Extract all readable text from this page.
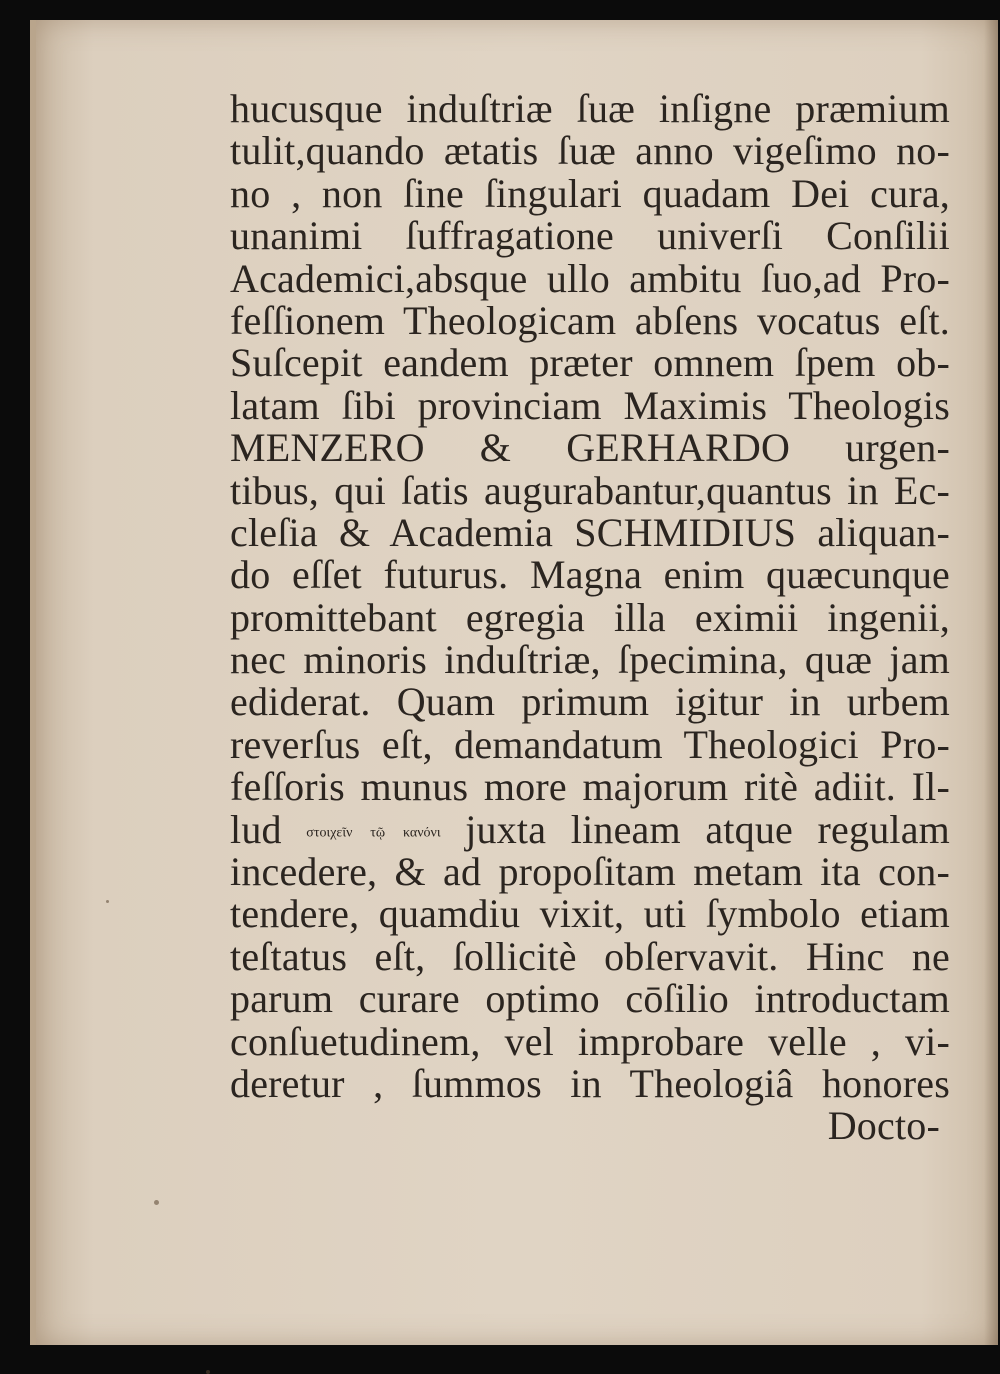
hucusque induſtriæ ſuæ inſigne præmium
tulit,quando ætatis ſuæ anno vigeſimo no-
no , non ſine ſingulari quadam Dei cura,
unanimi ſuffragatione univerſi Conſilii
Academici,absque ullo ambitu ſuo,ad Pro-
feſſionem Theologicam abſens vocatus eſt.
Suſcepit eandem præter omnem ſpem ob-
latam ſibi provinciam Maximis Theologis
MENZERO & GERHARDO urgen-
tibus, qui ſatis augurabantur,quantus in Ec-
cleſia & Academia SCHMIDIUS aliquan-
do eſſet futurus. Magna enim quæcunque
promittebant egregia illa eximii ingenii,
nec minoris induſtriæ, ſpecimina, quæ jam
ediderat. Quam primum igitur in urbem
reverſus eſt, demandatum Theologici Pro-
feſſoris munus more majorum ritè adiit. Il-
lud στοιχεῖν τῷ κανόνι juxta lineam atque regulam
incedere, & ad propoſitam metam ita con-
tendere, quamdiu vixit, uti ſymbolo etiam
teſtatus eſt, ſollicitè obſervavit. Hinc ne
parum curare optimo cōſilio introductam
conſuetudinem, vel improbare velle , vi-
deretur , ſummos in Theologiâ honores
Docto-
